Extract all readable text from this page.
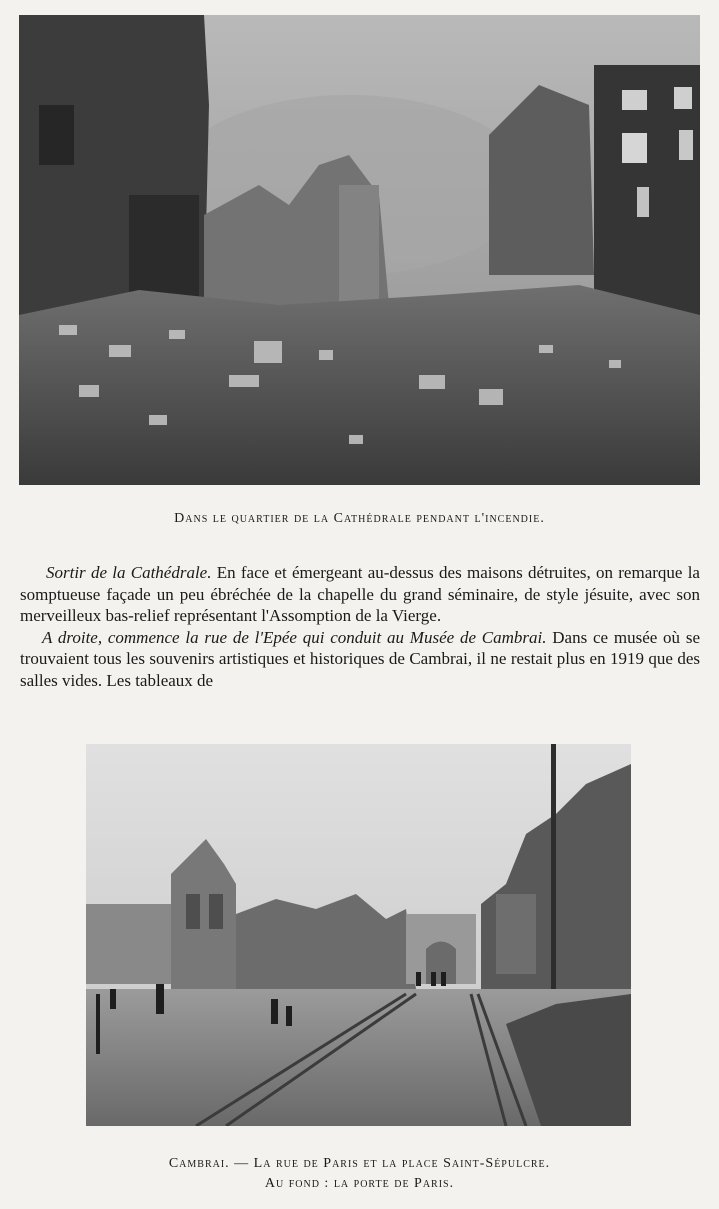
Dans le quartier de la Cathédrale pendant l'incendie.

Sortir de la Cathédrale. En face et émergeant au-dessus des maisons détruites, on remarque la somptueuse façade un peu ébréchée de la chapelle du grand séminaire, de style jésuite, avec son merveilleux bas-relief représentant l'Assomption de la Vierge.

A droite, commence la rue de l'Epée qui conduit au Musée de Cambrai. Dans ce musée où se trouvaient tous les souvenirs artistiques et historiques de Cambrai, il ne restait plus en 1919 que des salles vides. Les tableaux de

Cambrai. — La rue de Paris et la place Saint-Sépulcre.
Au fond : la porte de Paris.
